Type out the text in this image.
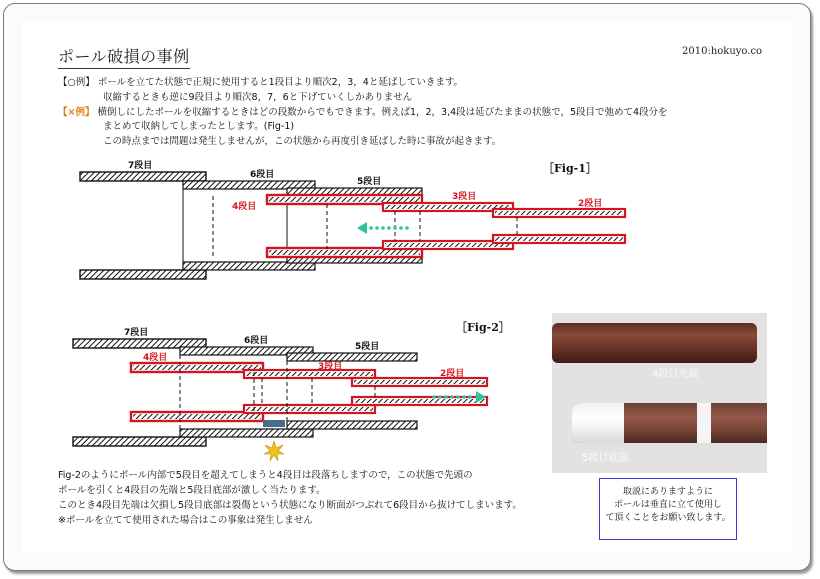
ポール破損の事例	2010:hokuyo.co
【○例】 ポールを立てた状態で正規に使用すると1段目より順次2，3，4と延ばしていきます。
収縮するときも逆に9段目より順次8，7，6と下げていくしかありません
【×例】 横倒しにしたポールを収縮するときはどの段数からでもできます。例えば1，2，3,4段は延びたままの状態で，5段目で弛めて4段分を
まとめて収納してしまったとします。(Fig-1)
この時点までは問題は発生しませんが，この状態から再度引き延ばした時に事故が起きます。
7段目
6段目
5段目
4段目
3段目
2段目
［Fig-1］
7段目
6段目
5段目
4段目
3段目
2段目
［Fig-2］
Fig-2のようにポール内部で5段目を超えてしまうと4段目は段落ちしますので，この状態で先頭の
ポールを引くと4段目の先端と5段目底部が激しく当たります。
このとき4段目先端は欠損し5段目底部は裂傷という状態になり断面がつぶれて6段目から抜けてしまいます。
※ポールを立てて使用された場合はこの事象は発生しません
4段目先端
5段目底部
取説にありますように
ポールは垂直に立て使用し
て頂くことをお願い致します。
